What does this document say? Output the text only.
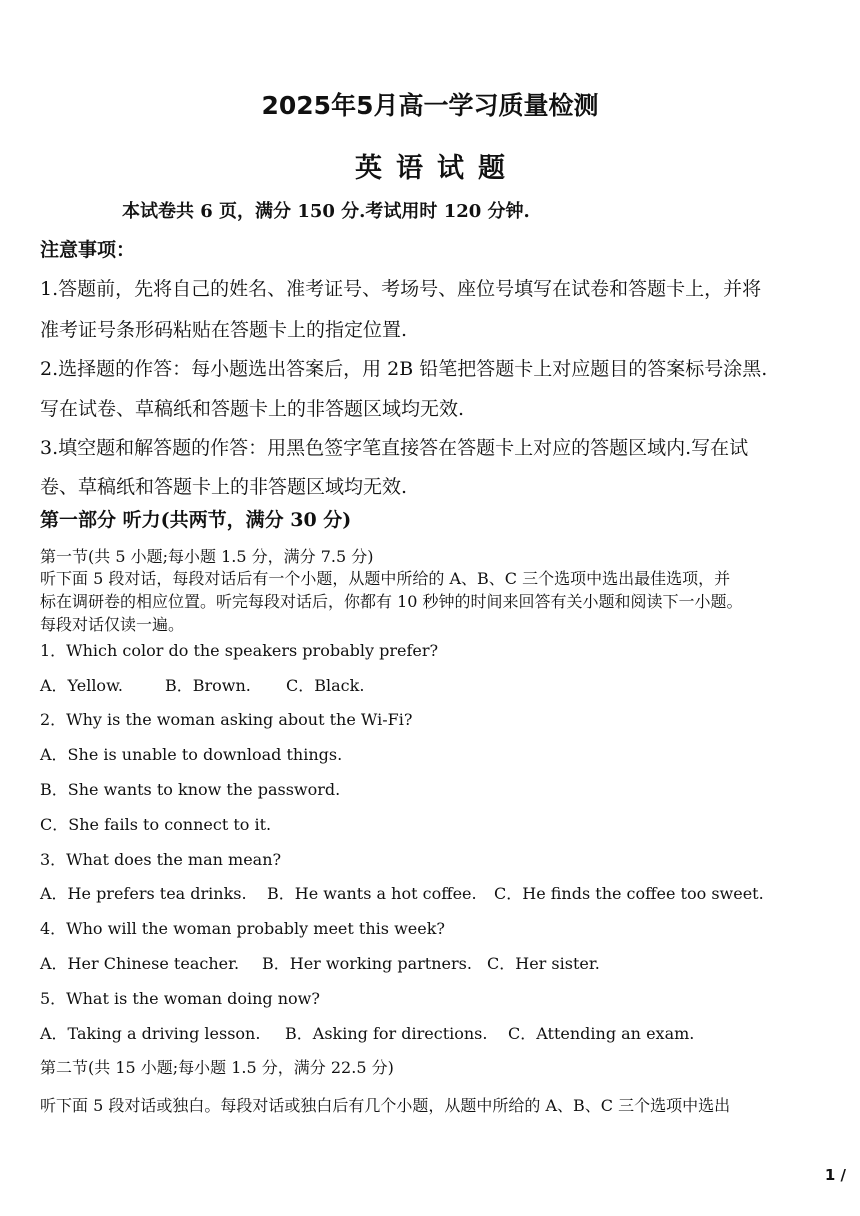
2025年5月高一学习质量检测
英语试题
本试卷共 6 页，满分 150 分.考试用时 120 分钟.
注意事项：
1.答题前，先将自己的姓名、准考证号、考场号、座位号填写在试卷和答题卡上，并将
准考证号条形码粘贴在答题卡上的指定位置.
2.选择题的作答：每小题选出答案后，用 2B 铅笔把答题卡上对应题目的答案标号涂黑.
写在试卷、草稿纸和答题卡上的非答题区域均无效.
3.填空题和解答题的作答：用黑色签字笔直接答在答题卡上对应的答题区域内.写在试
卷、草稿纸和答题卡上的非答题区域均无效.
第一部分 听力(共两节，满分 30 分)
第一节(共 5 小题;每小题 1.5 分，满分 7.5 分)
听下面 5 段对话，每段对话后有一个小题，从题中所给的 A、B、C 三个选项中选出最佳选项，并
标在调研卷的相应位置。听完每段对话后，你都有 10 秒钟的时间来回答有关小题和阅读下一小题。
每段对话仅读一遍。
1．Which color do the speakers probably prefer?
A．Yellow.	B．Brown. C．Black.
2．Why is the woman asking about the Wi-Fi?
A．She is unable to download things.
B．She wants to know the password.
C．She fails to connect to it.
3．What does the man mean?
A．He prefers tea drinks. B．He wants a hot coffee. C．He finds the coffee too sweet.
4．Who will the woman probably meet this week?
A．Her Chinese teacher. B．Her working partners. C．Her sister.
5．What is the woman doing now?
A．Taking a driving lesson. B．Asking for directions. C．Attending an exam.
第二节(共 15 小题;每小题 1.5 分，满分 22.5 分)
听下面 5 段对话或独白。每段对话或独白后有几个小题，从题中所给的 A、B、C 三个选项中选出
1 /
